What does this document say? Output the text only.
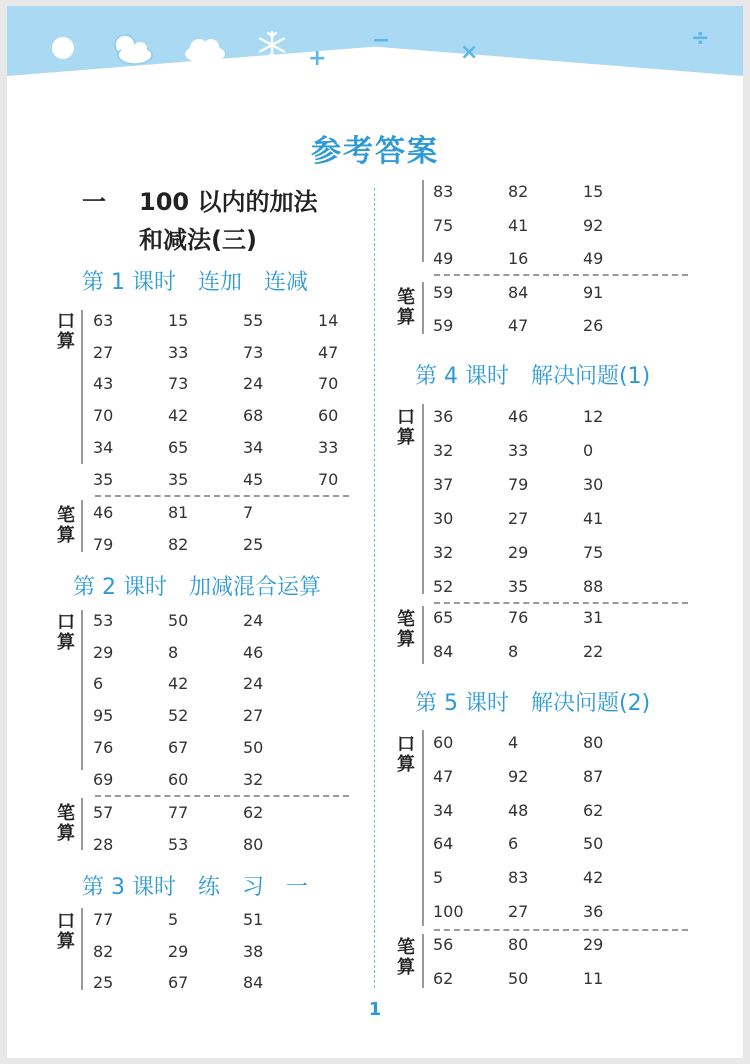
+
−	×
÷
参考答案
一 100 以内的加法
和减法(三)
第 1 课时　连加　连减
第 2 课时　加减混合运算
第 3 课时　练　习　一
第 4 课时　解决问题(1)
第 5 课时　解决问题(2)
口
算
63	15	55	14
27	33	73	47
43	73	24	70
70	42	68	60
34	65	34	33
35	35	45	70
笔
算
46	81	7
79	82	25
口
算
53	50	24
29	8	46
6	42	24
95	52	27
76	67	50
69	60	32
笔
算
57	77	62
28	53	80
口
算
77	5	51
82	29	38
25	67	84
83	82	15
75	41	92
49	16	49
笔
算
59	84	91
59	47	26
口
算
36	46	12
32	33	0
37	79	30
30	27	41
32	29	75
52	35	88
笔
算
65	76	31
84	8	22
口
算
60	4	80
47	92	87
34	48	62
64	6	50
5	83	42
100	27	36
笔
算
56	80	29
62	50	11
1
